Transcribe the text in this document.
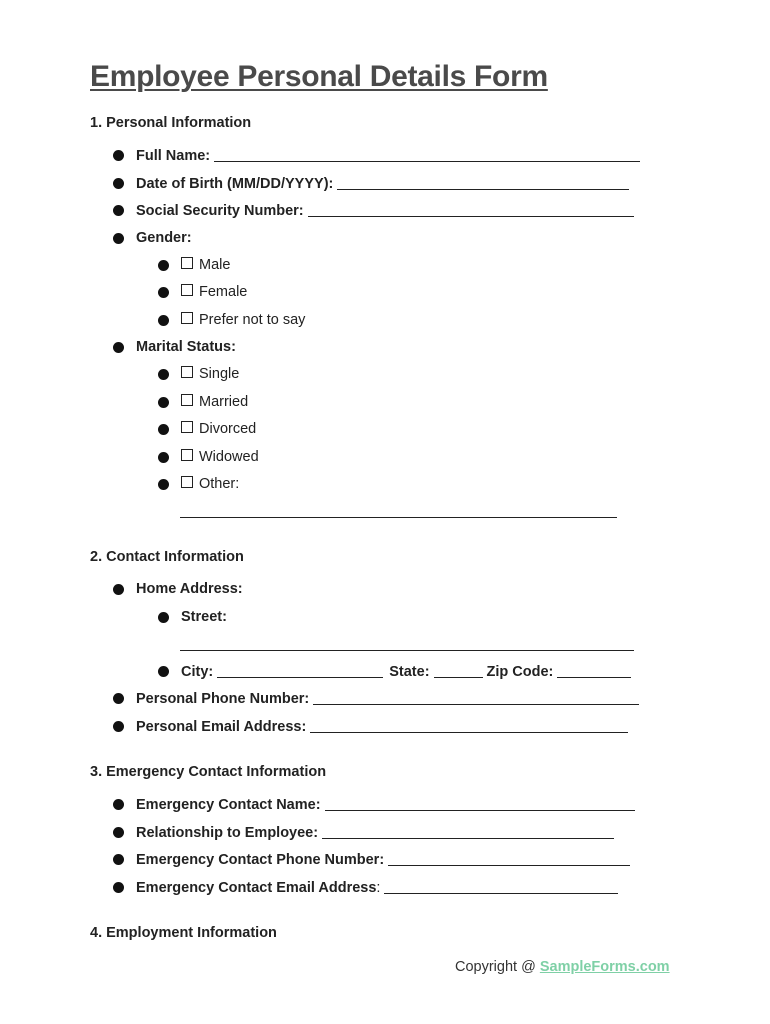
Employee Personal Details Form
1. Personal Information
Full Name:
Date of Birth (MM/DD/YYYY):
Social Security Number:
Gender:
Male
Female
Prefer not to say
Marital Status:
Single
Married
Divorced
Widowed
Other:
2. Contact Information
Home Address:
Street:
City:	State:	Zip Code:
Personal Phone Number:
Personal Email Address:
3. Emergency Contact Information
Emergency Contact Name:
Relationship to Employee:
Emergency Contact Phone Number:
Emergency Contact Email Address :
4. Employment Information
Copyright @ SampleForms.com
